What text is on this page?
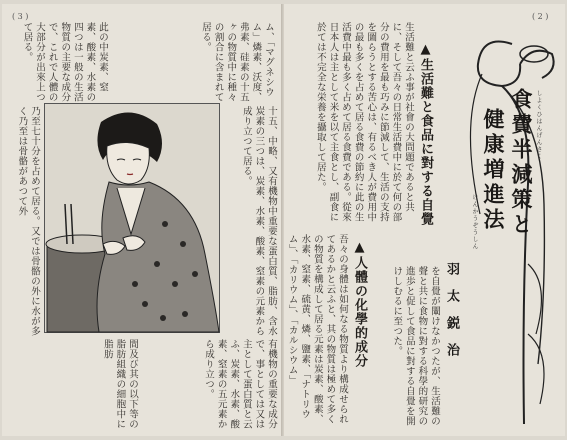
( 3 )
ム、「マグネシウム」燐素、沃度、弗素、硅素の十五ヶの物質中に種々の割合に含まれて居る。
此の中炭素、窒素、酸素、水素の四つは一般の生活物質の主要な成分で、これで人體の大部分が出來上つて居る。
乃至七十分を占めて居る。又では骨骼の外に水が多く乃至は骨骼があつて外	十五、中略、又有機物中重要な蛋白質、脂肪、含水炭素の三つは、炭素、水素、酸素、窒素の元素から成り立つて居る。
間及び其の以下等の脂肪組織の細胞中に脂肪	有機物の重要な成分で、事としては又は主として蛋白質と云ふ、炭素、水素、酸素、窒素の五元素から成り立つ。
( 2 )
しよくひはんげんさく
食費半減策と
健康増進法
けんかうぞうしん
羽太鋭治
を自覺が闡けなかつたが、生活難の聲と共に食物に對する科學的研究の進歩と促して食品に對する自覺を開けしむるに至つた。
▲生活難と食品に對する自覺
生活難と云ふ事が社會の大問題であると共に、そして吾々の日常生活費中に於て何の部分の費用を最も巧みに節減して、生活の支持を圖らうとする苦心は、有るべき人が費用中の最も多くを占めて居る食費の節約に此の生活費中最も多く占めて居る食費である。從來日本人は主として米を以て主食とし、副食に於ては不完全な栄養を攝取して居た。
▲人體の化學的成分
吾々の身體は如何なる物質より構成せられてあるかと云ふと、其の物質は極めて多くの物質を構成して居る元素は炭素、酸素、水素、窒素、硫黄、燐、鹽素、「ナトリウム」、「カリウム」、「カルシウム」
